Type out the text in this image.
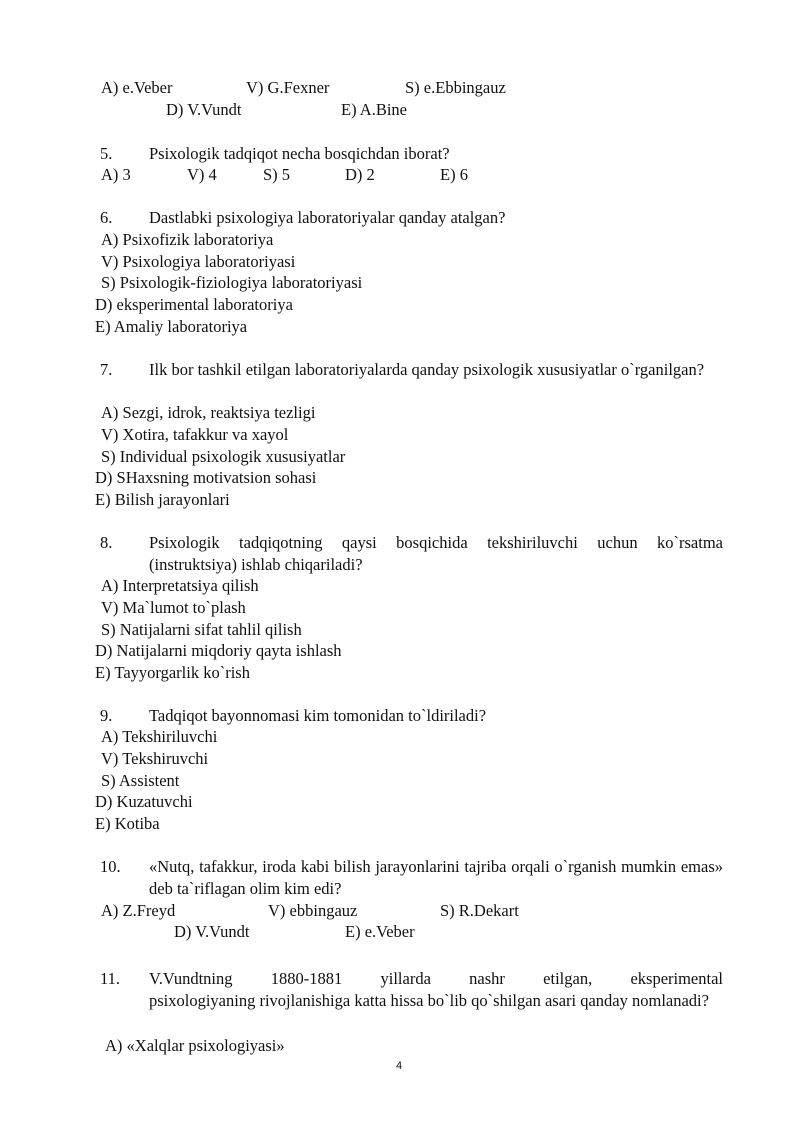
A) e.Veber	V) G.Fexner	S) e.Ebbingauz
D) V.Vundt	E) A.Bine
5. Psixologik tadqiqot necha bosqichdan iborat?
A) 3	V) 4	S) 5	D) 2	E) 6
6. Dastlabki psixologiya laboratoriyalar qanday atalgan?
A) Psixofizik laboratoriya
V) Psixologiya laboratoriyasi
S) Psixologik-fiziologiya laboratoriyasi
D) eksperimental laboratoriya
E) Amaliy laboratoriya
7. Ilk bor tashkil etilgan laboratoriyalarda qanday psixologik xususiyatlar o`rganilgan?
A) Sezgi, idrok, reaktsiya tezligi
V) Xotira, tafakkur va xayol
S) Individual psixologik xususiyatlar
D) SHaxsning motivatsion sohasi
E) Bilish jarayonlari
8. Psixologik tadqiqotning qaysi bosqichida tekshiriluvchi uchun ko`rsatma (instruktsiya) ishlab chiqariladi?
A) Interpretatsiya qilish
V) Ma`lumot to`plash
S) Natijalarni sifat tahlil qilish
D) Natijalarni miqdoriy qayta ishlash
E) Tayyorgarlik ko`rish
9. Tadqiqot bayonnomasi kim tomonidan to`ldiriladi?
A) Tekshiriluvchi
V) Tekshiruvchi
S) Assistent
D) Kuzatuvchi
E) Kotiba
10. «Nutq, tafakkur, iroda kabi bilish jarayonlarini tajriba orqali o`rganish mumkin emas» deb ta`riflagan olim kim edi?
A) Z.Freyd	V) ebbingauz	S) R.Dekart
D) V.Vundt	E) e.Veber
11. V.Vundtning 1880-1881 yillarda nashr etilgan, eksperimental
psixologiyaning rivojlanishiga katta hissa bo`lib qo`shilgan asari qanday nomlanadi?
A) «Xalqlar psixologiyasi»
4
